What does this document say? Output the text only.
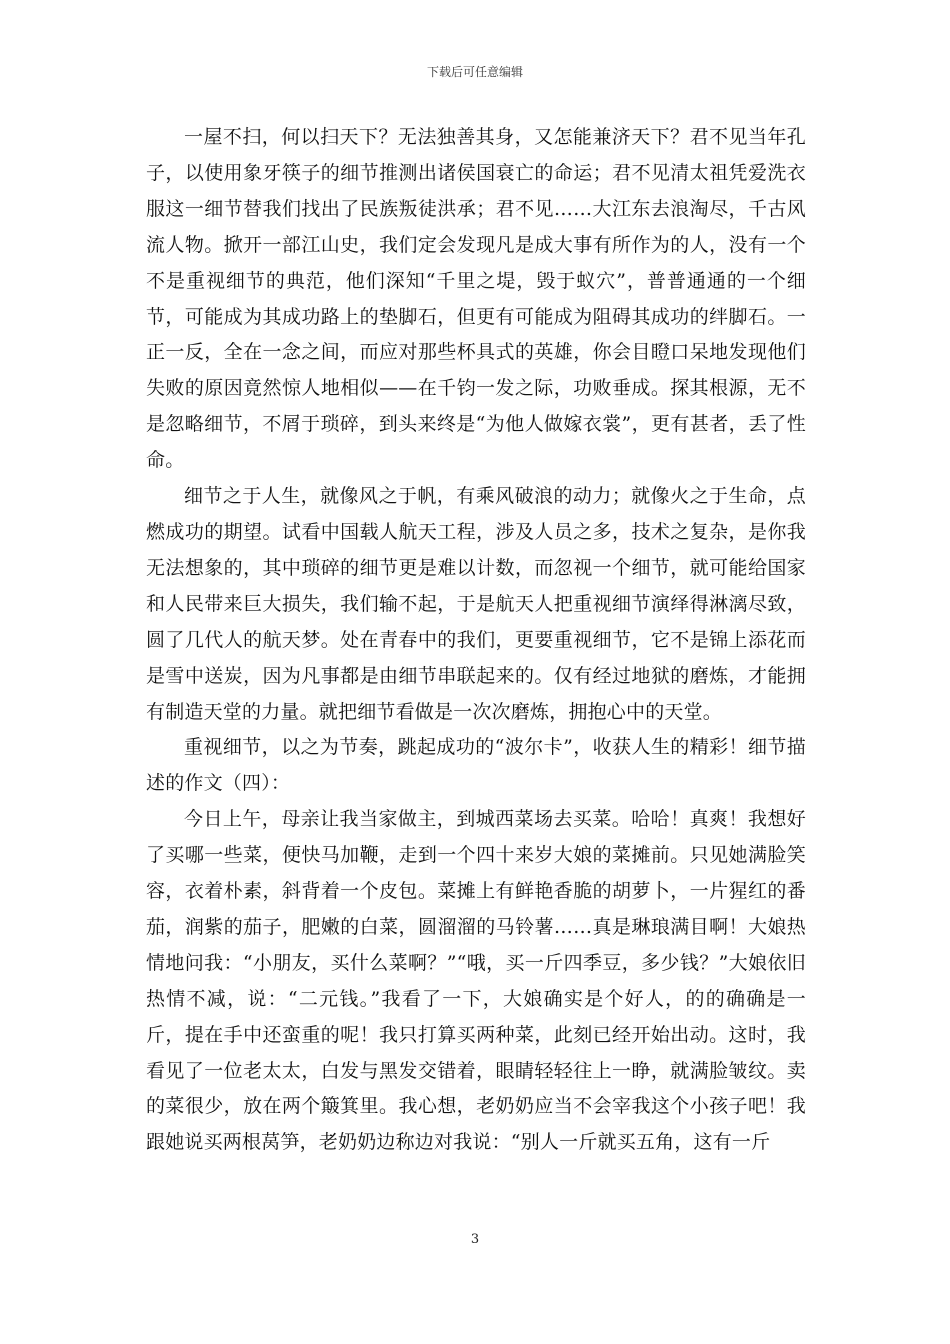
下载后可任意编辑

一屋不扫，何以扫天下？无法独善其身，又怎能兼济天下？君不见当年孔子，以使用象牙筷子的细节推测出诸侯国衰亡的命运；君不见清太祖凭爱洗衣服这一细节替我们找出了民族叛徒洪承；君不见……大江东去浪淘尽，千古风流人物。掀开一部江山史，我们定会发现凡是成大事有所作为的人，没有一个不是重视细节的典范，他们深知“千里之堤，毁于蚁穴”，普普通通的一个细节，可能成为其成功路上的垫脚石，但更有可能成为阻碍其成功的绊脚石。一正一反，全在一念之间，而应对那些杯具式的英雄，你会目瞪口呆地发现他们失败的原因竟然惊人地相似——在千钧一发之际，功败垂成。探其根源，无不是忽略细节，不屑于琐碎，到头来终是“为他人做嫁衣裳”，更有甚者，丢了性命。

细节之于人生，就像风之于帆，有乘风破浪的动力；就像火之于生命，点燃成功的期望。试看中国载人航天工程，涉及人员之多，技术之复杂，是你我无法想象的，其中琐碎的细节更是难以计数，而忽视一个细节，就可能给国家和人民带来巨大损失，我们输不起，于是航天人把重视细节演绎得淋漓尽致，圆了几代人的航天梦。处在青春中的我们，更要重视细节，它不是锦上添花而是雪中送炭，因为凡事都是由细节串联起来的。仅有经过地狱的磨炼，才能拥有制造天堂的力量。就把细节看做是一次次磨炼，拥抱心中的天堂。

重视细节，以之为节奏，跳起成功的“波尔卡”，收获人生的精彩！细节描述的作文（四）：

今日上午，母亲让我当家做主，到城西菜场去买菜。哈哈！真爽！我想好了买哪一些菜，便快马加鞭，走到一个四十来岁大娘的菜摊前。只见她满脸笑容，衣着朴素，斜背着一个皮包。菜摊上有鲜艳香脆的胡萝卜，一片猩红的番茄，润紫的茄子，肥嫩的白菜，圆溜溜的马铃薯……真是琳琅满目啊！大娘热情地问我：“小朋友，买什么菜啊？”“哦，买一斤四季豆，多少钱？”大娘依旧热情不减，说：“二元钱。”我看了一下，大娘确实是个好人，的的确确是一斤，提在手中还蛮重的呢！我只打算买两种菜，此刻已经开始出动。这时，我看见了一位老太太，白发与黑发交错着，眼睛轻轻往上一睁，就满脸皱纹。卖的菜很少，放在两个簸箕里。我心想，老奶奶应当不会宰我这个小孩子吧！我跟她说买两根莴笋，老奶奶边称边对我说：“别人一斤就买五角，这有一斤

3
